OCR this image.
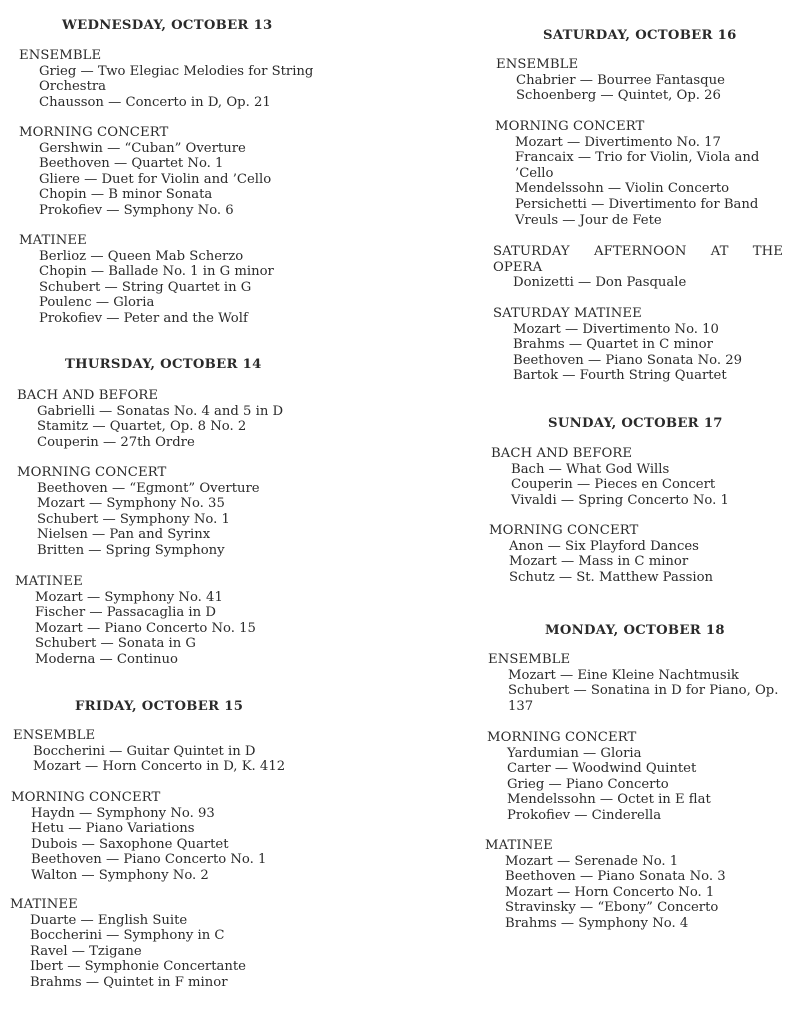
WEDNESDAY, OCTOBER 13
ENSEMBLE
Grieg — Two Elegiac Melodies for String
Orchestra
Chausson — Concerto in D, Op. 21
MORNING CONCERT
Gershwin — “Cuban” Overture
Beethoven — Quartet No. 1
Gliere — Duet for Violin and ’Cello
Chopin — B minor Sonata
Prokofiev — Symphony No. 6
MATINEE
Berlioz — Queen Mab Scherzo
Chopin — Ballade No. 1 in G minor
Schubert — String Quartet in G
Poulenc — Gloria
Prokofiev — Peter and the Wolf
THURSDAY, OCTOBER 14
BACH AND BEFORE
Gabrielli — Sonatas No. 4 and 5 in D
Stamitz — Quartet, Op. 8 No. 2
Couperin — 27th Ordre
MORNING CONCERT
Beethoven — “Egmont” Overture
Mozart — Symphony No. 35
Schubert — Symphony No. 1
Nielsen — Pan and Syrinx
Britten — Spring Symphony
MATINEE
Mozart — Symphony No. 41
Fischer — Passacaglia in D
Mozart — Piano Concerto No. 15
Schubert — Sonata in G
Moderna — Continuo
FRIDAY, OCTOBER 15
ENSEMBLE
Boccherini — Guitar Quintet in D
Mozart — Horn Concerto in D, K. 412
MORNING CONCERT
Haydn — Symphony No. 93
Hetu — Piano Variations
Dubois — Saxophone Quartet
Beethoven — Piano Concerto No. 1
Walton — Symphony No. 2
MATINEE
Duarte — English Suite
Boccherini — Symphony in C
Ravel — Tzigane
Ibert — Symphonie Concertante
Brahms — Quintet in F minor
SATURDAY, OCTOBER 16
ENSEMBLE
Chabrier — Bourree Fantasque
Schoenberg — Quintet, Op. 26
MORNING CONCERT
Mozart — Divertimento No. 17
Francaix — Trio for Violin, Viola and
’Cello
Mendelssohn — Violin Concerto
Persichetti — Divertimento for Band
Vreuls — Jour de Fete
SATURDAY AFTERNOON AT THE
OPERA
Donizetti — Don Pasquale
SATURDAY MATINEE
Mozart — Divertimento No. 10
Brahms — Quartet in C minor
Beethoven — Piano Sonata No. 29
Bartok — Fourth String Quartet
SUNDAY, OCTOBER 17
BACH AND BEFORE
Bach — What God Wills
Couperin — Pieces en Concert
Vivaldi — Spring Concerto No. 1
MORNING CONCERT
Anon — Six Playford Dances
Mozart — Mass in C minor
Schutz — St. Matthew Passion
MONDAY, OCTOBER 18
ENSEMBLE
Mozart — Eine Kleine Nachtmusik
Schubert — Sonatina in D for Piano, Op.
137
MORNING CONCERT
Yardumian — Gloria
Carter — Woodwind Quintet
Grieg — Piano Concerto
Mendelssohn — Octet in E flat
Prokofiev — Cinderella
MATINEE
Mozart — Serenade No. 1
Beethoven — Piano Sonata No. 3
Mozart — Horn Concerto No. 1
Stravinsky — “Ebony” Concerto
Brahms — Symphony No. 4
